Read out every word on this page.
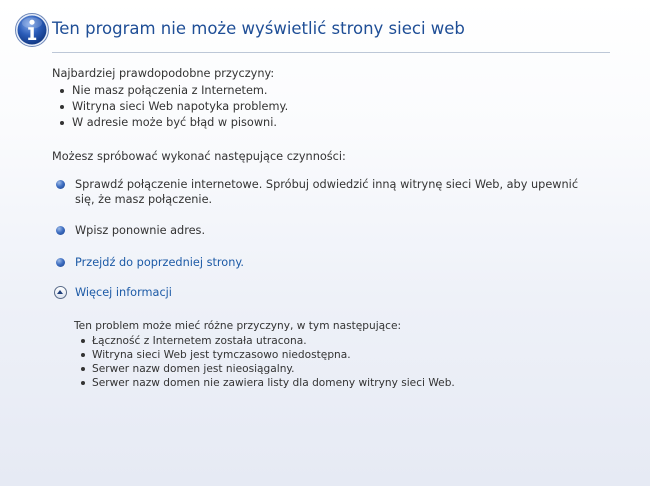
Ten program nie może wyświetlić strony sieci web

Najbardziej prawdopodobne przyczyny:

Nie masz połączenia z Internetem.
Witryna sieci Web napotyka problemy.
W adresie może być błąd w pisowni.

Możesz spróbować wykonać następujące czynności:

Sprawdź połączenie internetowe. Spróbuj odwiedzić inną witrynę sieci Web, aby upewnić się, że masz połączenie.
Wpisz ponownie adres.
Przejdź do poprzedniej strony.
Więcej informacji

Ten problem może mieć różne przyczyny, w tym następujące:

Łączność z Internetem została utracona.
Witryna sieci Web jest tymczasowo niedostępna.
Serwer nazw domen jest nieosiągalny.
Serwer nazw domen nie zawiera listy dla domeny witryny sieci Web.
